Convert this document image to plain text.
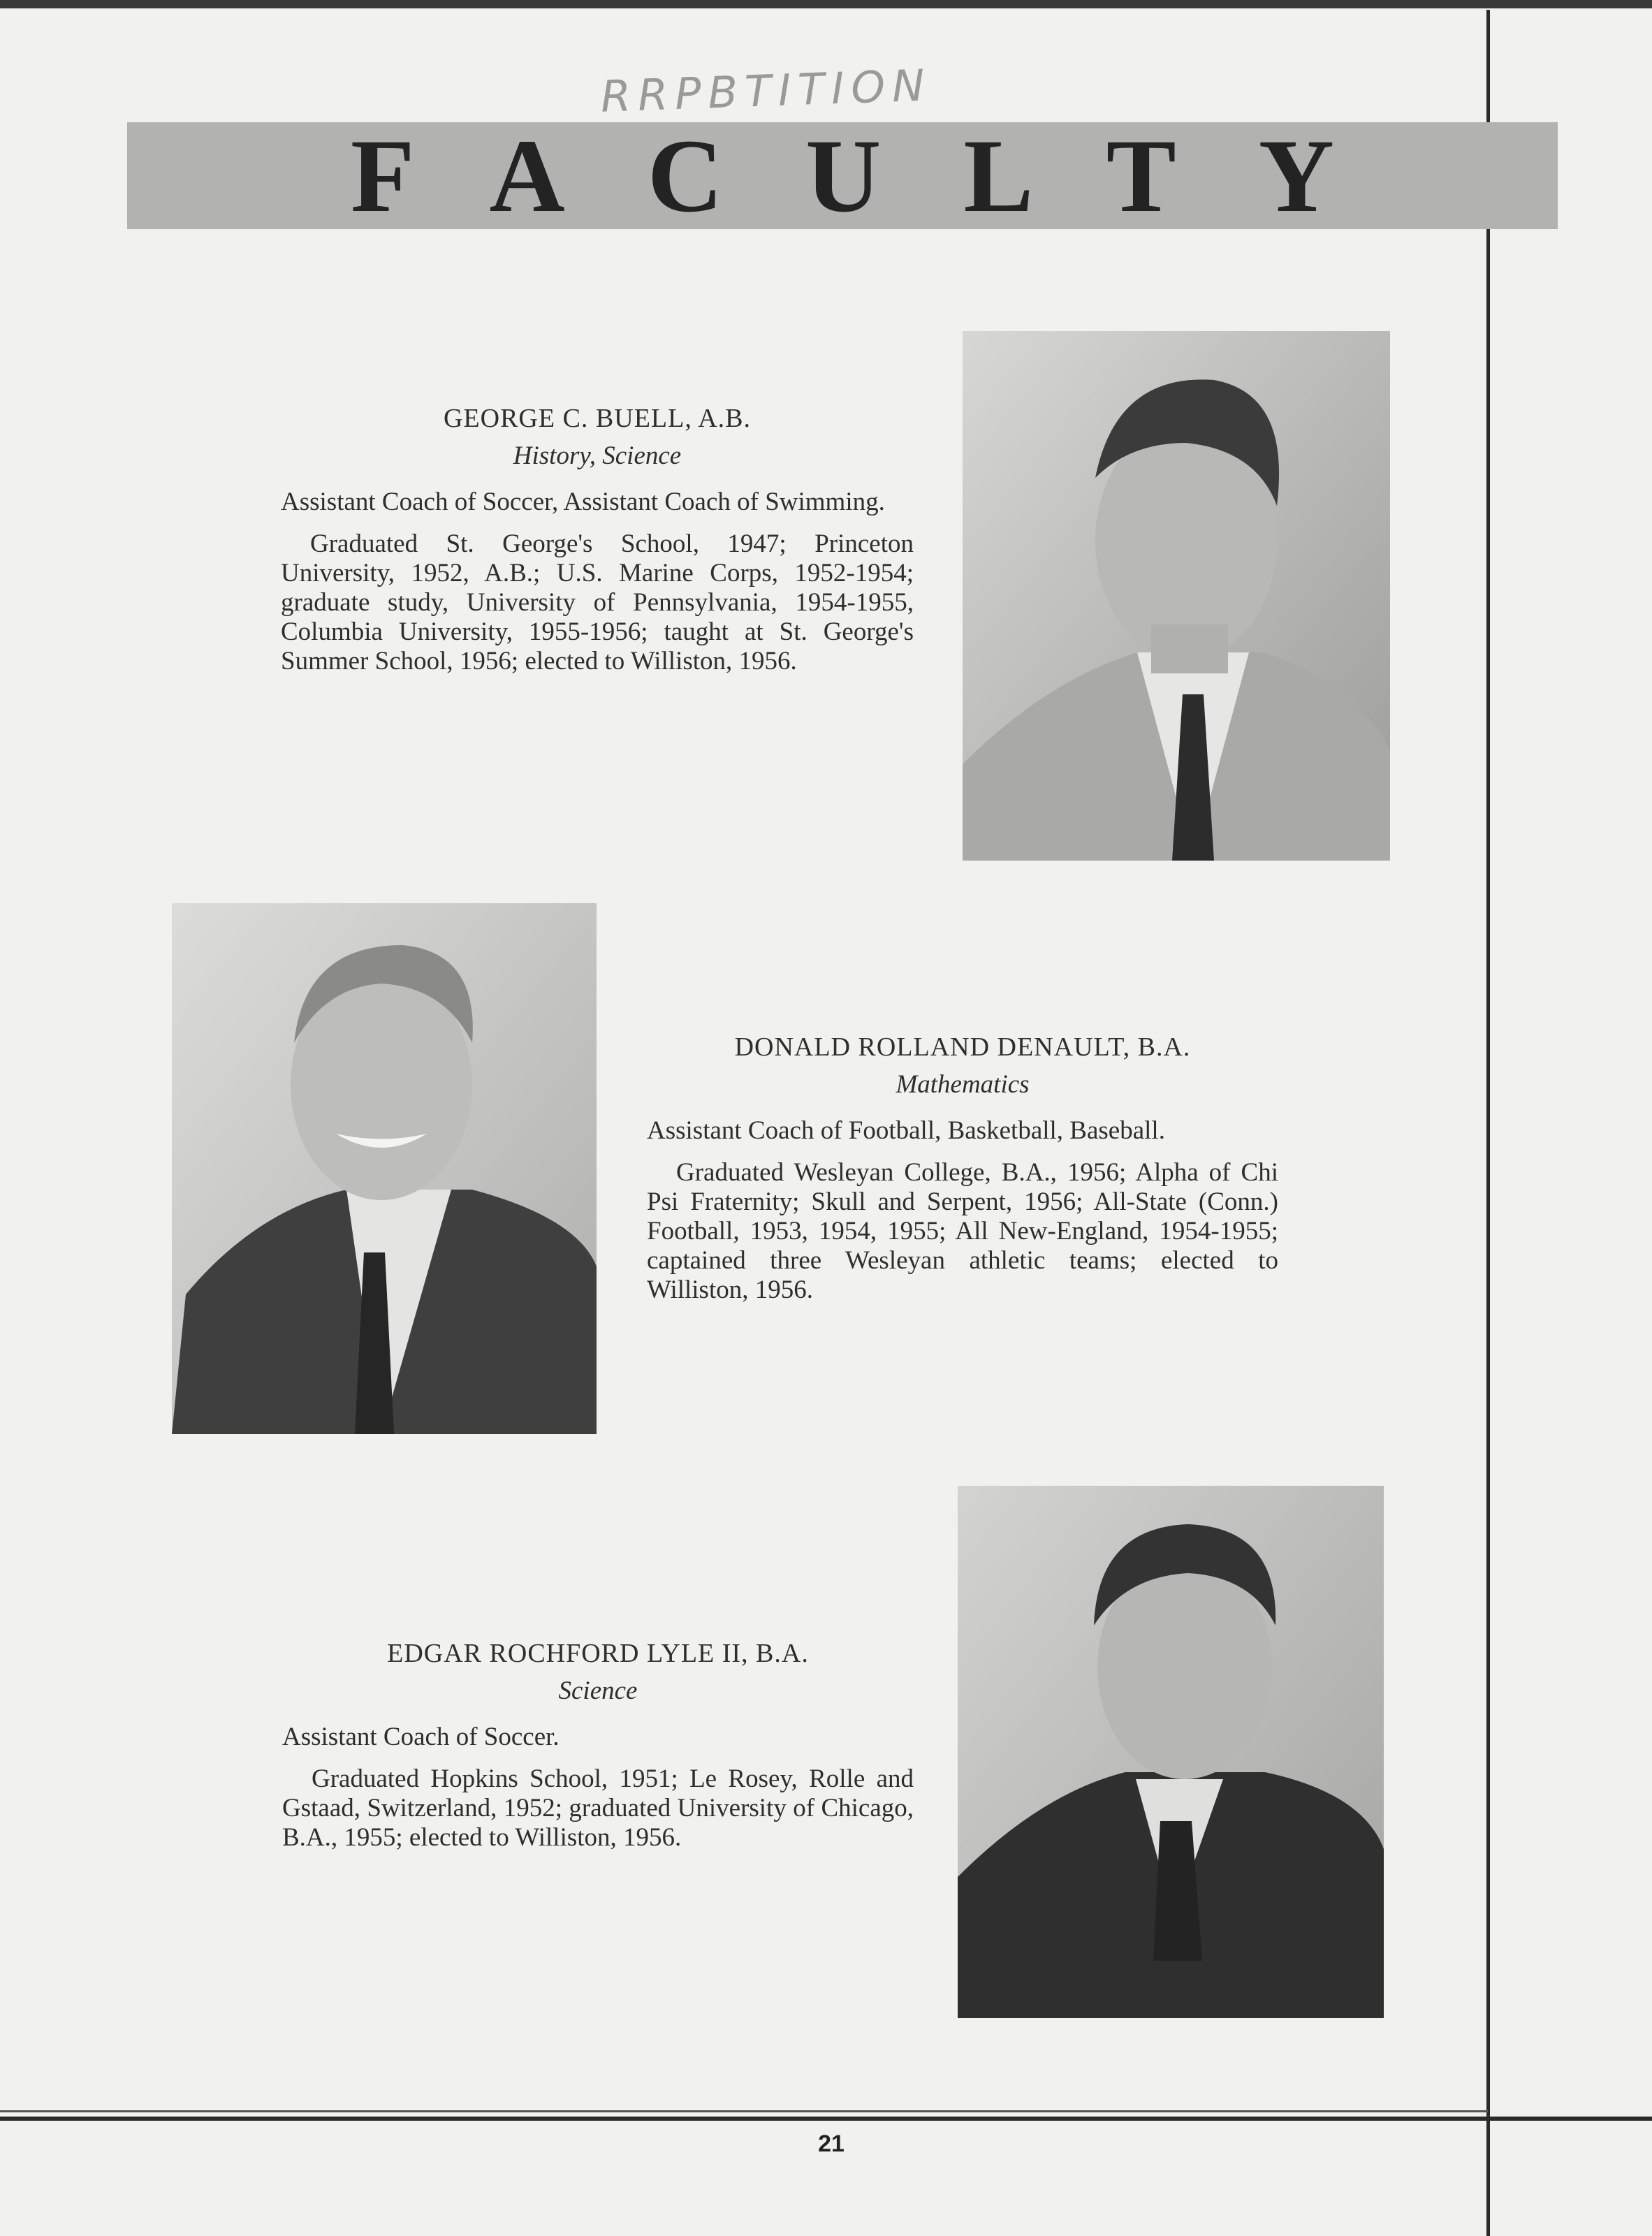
RRPBTITION
FACULTY
GEORGE C. BUELL, A.B.
History, Science
Assistant Coach of Soccer, Assistant Coach of Swimming.
Graduated St. George's School, 1947; Princeton University, 1952, A.B.; U.S. Marine Corps, 1952-1954; graduate study, University of Pennsylvania, 1954-1955, Columbia University, 1955-1956; taught at St. George's Summer School, 1956; elected to Williston, 1956.
DONALD ROLLAND DENAULT, B.A.
Mathematics
Assistant Coach of Football, Basketball, Baseball.
Graduated Wesleyan College, B.A., 1956; Alpha of Chi Psi Fraternity; Skull and Serpent, 1956; All-State (Conn.) Football, 1953, 1954, 1955; All New-England, 1954-1955; captained three Wesleyan athletic teams; elected to Williston, 1956.
EDGAR ROCHFORD LYLE II, B.A.
Science
Assistant Coach of Soccer.
Graduated Hopkins School, 1951; Le Rosey, Rolle and Gstaad, Switzerland, 1952; graduated University of Chicago, B.A., 1955; elected to Williston, 1956.
21
